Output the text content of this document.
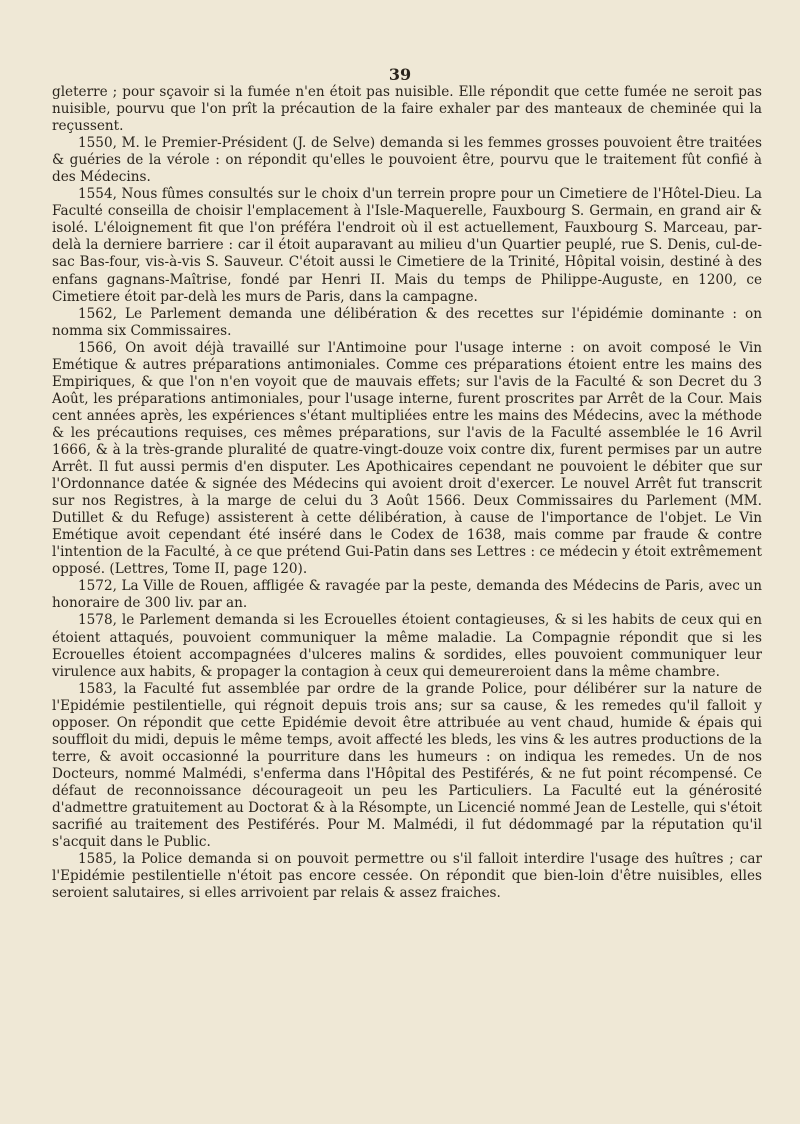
39

gleterre ; pour sçavoir si la fumée n'en étoit pas nuisible. Elle répondit que cette fumée ne seroit pas nuisible, pourvu que l'on prît la précaution de la faire exhaler par des manteaux de cheminée qui la reçussent.

1550, M. le Premier-Président (J. de Selve) demanda si les femmes grosses pouvoient être traitées & guéries de la vérole : on répondit qu'elles le pouvoient être, pourvu que le traitement fût confié à des Médecins.

1554, Nous fûmes consultés sur le choix d'un terrein propre pour un Cimetiere de l'Hôtel-Dieu. La Faculté conseilla de choisir l'emplacement à l'Isle-Maquerelle, Fauxbourg S. Germain, en grand air & isolé. L'éloignement fit que l'on préféra l'endroit où il est actuellement, Fauxbourg S. Marceau, par-delà la derniere barriere : car il étoit auparavant au milieu d'un Quartier peuplé, rue S. Denis, cul-de-sac Bas-four, vis-à-vis S. Sauveur. C'étoit aussi le Cimetiere de la Trinité, Hôpital voisin, destiné à des enfans gagnans-Maîtrise, fondé par Henri II. Mais du temps de Philippe-Auguste, en 1200, ce Cimetiere étoit par-delà les murs de Paris, dans la campagne.

1562, Le Parlement demanda une délibération & des recettes sur l'épidémie dominante : on nomma six Commissaires.

1566, On avoit déjà travaillé sur l'Antimoine pour l'usage interne : on avoit composé le Vin Emétique & autres préparations antimoniales. Comme ces préparations étoient entre les mains des Empiriques, & que l'on n'en voyoit que de mauvais effets; sur l'avis de la Faculté & son Decret du 3 Août, les préparations antimoniales, pour l'usage interne, furent proscrites par Arrêt de la Cour. Mais cent années après, les expériences s'étant multipliées entre les mains des Médecins, avec la méthode & les précautions requises, ces mêmes préparations, sur l'avis de la Faculté assemblée le 16 Avril 1666, & à la très-grande pluralité de quatre-vingt-douze voix contre dix, furent permises par un autre Arrêt. Il fut aussi permis d'en disputer. Les Apothicaires cependant ne pouvoient le débiter que sur l'Ordonnance datée & signée des Médecins qui avoient droit d'exercer. Le nouvel Arrêt fut transcrit sur nos Registres, à la marge de celui du 3 Août 1566. Deux Commissaires du Parlement (MM. Dutillet & du Refuge) assisterent à cette délibération, à cause de l'importance de l'objet. Le Vin Emétique avoit cependant été inséré dans le Codex de 1638, mais comme par fraude & contre l'intention de la Faculté, à ce que prétend Gui-Patin dans ses Lettres : ce médecin y étoit extrêmement opposé. (Lettres, Tome II, page 120).

1572, La Ville de Rouen, affligée & ravagée par la peste, demanda des Médecins de Paris, avec un honoraire de 300 liv. par an.

1578, le Parlement demanda si les Ecrouelles étoient contagieuses, & si les habits de ceux qui en étoient attaqués, pouvoient communiquer la même maladie. La Compagnie répondit que si les Ecrouelles étoient accompagnées d'ulceres malins & sordides, elles pouvoient communiquer leur virulence aux habits, & propager la contagion à ceux qui demeureroient dans la même chambre.

1583, la Faculté fut assemblée par ordre de la grande Police, pour délibérer sur la nature de l'Epidémie pestilentielle, qui régnoit depuis trois ans; sur sa cause, & les remedes qu'il falloit y opposer. On répondit que cette Epidémie devoit être attribuée au vent chaud, humide & épais qui souffloit du midi, depuis le même temps, avoit affecté les bleds, les vins & les autres productions de la terre, & avoit occasionné la pourriture dans les humeurs : on indiqua les remedes. Un de nos Docteurs, nommé Malmédi, s'enferma dans l'Hôpital des Pestiférés, & ne fut point récompensé. Ce défaut de reconnoissance décourageoit un peu les Particuliers. La Faculté eut la générosité d'admettre gratuitement au Doctorat & à la Résompte, un Licencié nommé Jean de Lestelle, qui s'étoit sacrifié au traitement des Pestiférés. Pour M. Malmédi, il fut dédommagé par la réputation qu'il s'acquit dans le Public.

1585, la Police demanda si on pouvoit permettre ou s'il falloit interdire l'usage des huîtres ; car l'Epidémie pestilentielle n'étoit pas encore cessée. On répondit que bien-loin d'être nuisibles, elles seroient salutaires, si elles arrivoient par relais & assez fraiches.
